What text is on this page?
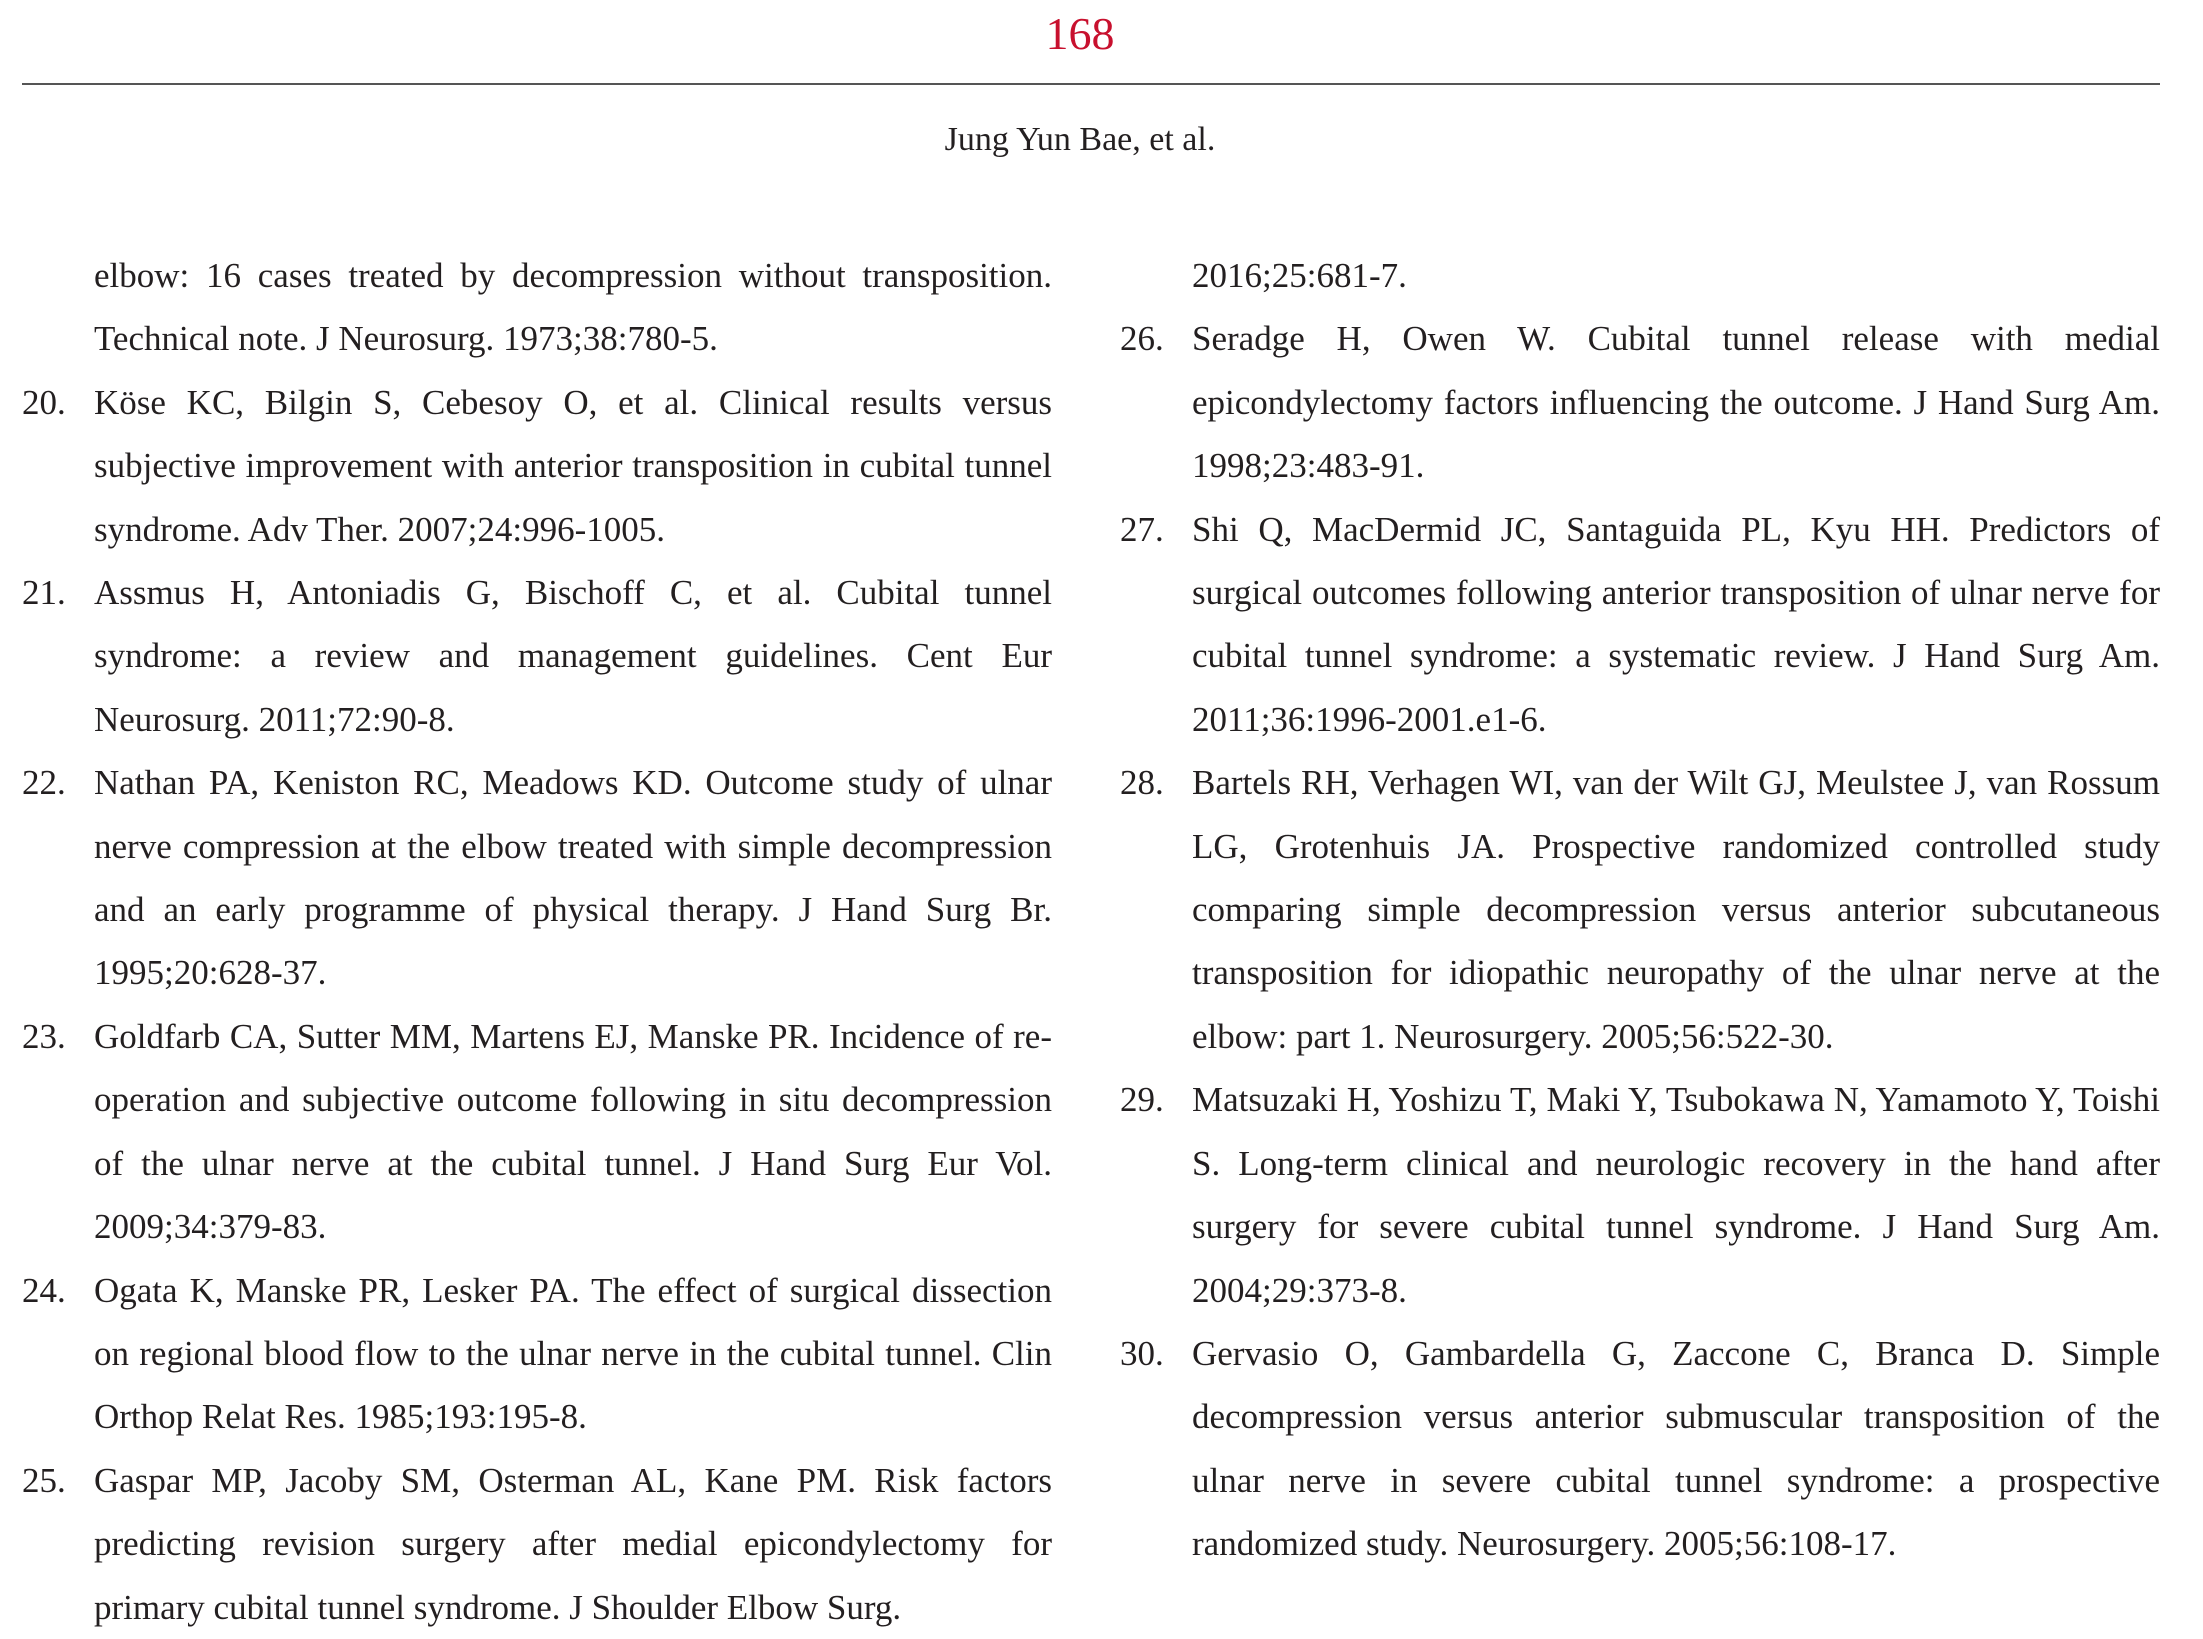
168
Jung Yun Bae, et al.
elbow: 16 cases treated by decompression without transposition. Technical note. J Neurosurg. 1973;38:780-5.
20. Köse KC, Bilgin S, Cebesoy O, et al. Clinical results versus subjective improvement with anterior transposition in cubital tunnel syndrome. Adv Ther. 2007;24:996-1005.
21. Assmus H, Antoniadis G, Bischoff C, et al. Cubital tunnel syndrome: a review and management guidelines. Cent Eur Neurosurg. 2011;72:90-8.
22. Nathan PA, Keniston RC, Meadows KD. Outcome study of ulnar nerve compression at the elbow treated with simple decompression and an early programme of physical therapy. J Hand Surg Br. 1995;20:628-37.
23. Goldfarb CA, Sutter MM, Martens EJ, Manske PR. Incidence of re-operation and subjective outcome following in situ decompression of the ulnar nerve at the cubital tunnel. J Hand Surg Eur Vol. 2009;34:379-83.
24. Ogata K, Manske PR, Lesker PA. The effect of surgical dissection on regional blood flow to the ulnar nerve in the cubital tunnel. Clin Orthop Relat Res. 1985;193:195-8.
25. Gaspar MP, Jacoby SM, Osterman AL, Kane PM. Risk factors predicting revision surgery after medial epicondylectomy for primary cubital tunnel syndrome. J Shoulder Elbow Surg.
2016;25:681-7.
26. Seradge H, Owen W. Cubital tunnel release with medial epicondylectomy factors influencing the outcome. J Hand Surg Am. 1998;23:483-91.
27. Shi Q, MacDermid JC, Santaguida PL, Kyu HH. Predictors of surgical outcomes following anterior transposition of ulnar nerve for cubital tunnel syndrome: a systematic review. J Hand Surg Am. 2011;36:1996-2001.e1-6.
28. Bartels RH, Verhagen WI, van der Wilt GJ, Meulstee J, van Rossum LG, Grotenhuis JA. Prospective randomized controlled study comparing simple decompression versus anterior subcutaneous transposition for idiopathic neuropathy of the ulnar nerve at the elbow: part 1. Neurosurgery. 2005;56:522-30.
29. Matsuzaki H, Yoshizu T, Maki Y, Tsubokawa N, Yamamoto Y, Toishi S. Long-term clinical and neurologic recovery in the hand after surgery for severe cubital tunnel syndrome. J Hand Surg Am. 2004;29:373-8.
30. Gervasio O, Gambardella G, Zaccone C, Branca D. Simple decompression versus anterior submuscular transposition of the ulnar nerve in severe cubital tunnel syndrome: a prospective randomized study. Neurosurgery. 2005;56:108-17.
